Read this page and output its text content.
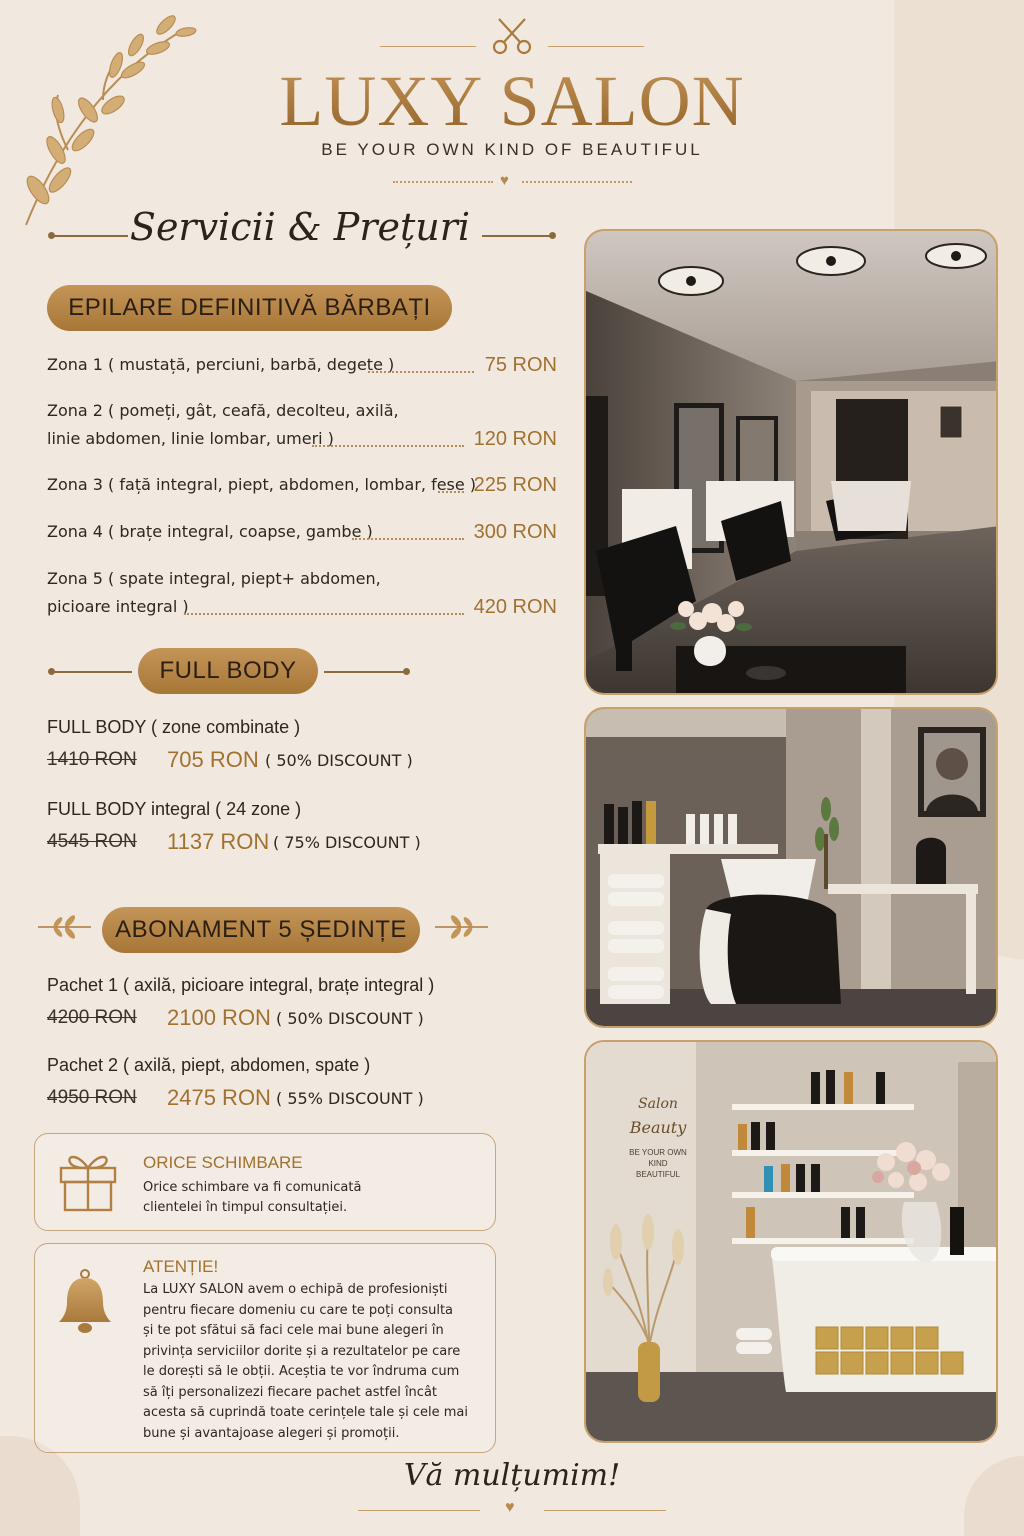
LUXY SALON
BE YOUR OWN KIND OF BEAUTIFUL
♥
Servicii & Prețuri
EPILARE DEFINITIVĂ BĂRBAȚI
Zona 1 ( mustață, perciuni, barbă, degete )	75 RON
Zona 2 ( pomeți, gât, ceafă, decolteu, axilă,
linie abdomen, linie lombar, umeri )	120 RON
Zona 3 ( față integral, piept, abdomen, lombar, fese )
225 RON
Zona 4 ( brațe integral, coapse, gambe )	300 RON
Zona 5 ( spate integral, piept+ abdomen,
picioare integral )	420 RON
FULL BODY
FULL BODY ( zone combinate )
1410 RON 705 RON ( 50% DISCOUNT )
FULL BODY integral ( 24 zone )
4545 RON 1137 RON ( 75% DISCOUNT )
ABONAMENT 5 ȘEDINȚE
Pachet 1 ( axilă, picioare integral, brațe integral )
4200 RON 2100 RON ( 50% DISCOUNT )
Pachet 2 ( axilă, piept, abdomen, spate )
4950 RON 2475 RON ( 55% DISCOUNT )
ORICE SCHIMBARE
Orice schimbare va fi comunicată
clientelei în timpul consultației.
ATENȚIE!
La LUXY SALON avem o echipă de profesioniști
pentru fiecare domeniu cu care te poți consulta
și te pot sfătui să faci cele mai bune alegeri în
privința serviciilor dorite și a rezultatelor pe care
le dorești să le obții. Aceștia te vor îndruma cum
să îți personalizezi fiecare pachet astfel încât
acesta să cuprindă toate cerințele tale și cele mai
bune și avantajoase alegeri și promoții.
Salon
Beauty
BE YOUR OWN
KIND
BEAUTIFUL
Vă mulțumim!
♥
